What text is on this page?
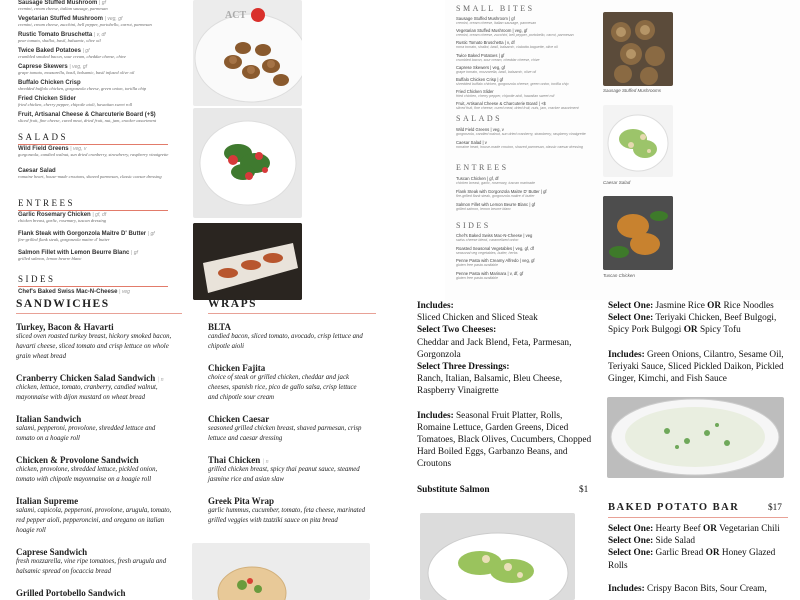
Sausage Stuffed Mushroom | gf
cremini, cream cheese, italian sausage, parmesan
Vegetarian Stuffed Mushroom | veg, gf
cremini, cream cheese, zucchini, bell pepper, portobello, carrot, parmesan
Rustic Tomato Bruschetta | v, df
pear tomato, shallot, basil, balsamic, olive oil
Twice Baked Potatoes | gf
crumbled smoked bacon, sour cream, cheddar cheese, chive
Caprese Skewers | veg, gf
grape tomato, mozzarella, basil, balsamic, basil infused olive oil
Buffalo Chicken Crisp
shredded buffalo chicken, gorgonzola cheese, green onion, tortilla chip
Fried Chicken Slider
fried chicken, cherry pepper, chipotle aioli, hawaiian sweet roll
Fruit, Artisanal Cheese & Charcuterie Board (+$)
sliced fruit, fine cheese, cured meat, dried fruit, nut, jam, cracker assortment
SALADS
Wild Field Greens | veg, v
gorgonzola, candied walnut, sun dried cranberry, strawberry, raspberry vinaigrette
Caesar Salad
romaine heart, house-made croutons, shaved parmesan, classic caesar dressing
ENTREES
Garlic Rosemary Chicken | gf, df
chicken breast, garlic, rosemary, tuscan dressing
Flank Steak with Gorgonzola Maitre D' Butter | gf
fire-grilled flank steak, gorgonzola maitre d' butter
Salmon Fillet with Lemon Beurre Blanc | gf
grilled salmon, lemon beurre blanc
SIDES
Chef's Baked Swiss Mac-N-Cheese | veg
ACT
SMALL BITES
Sausage Stuffed Mushroom | gf
cremini, cream cheese, italian sausage, parmesan
Vegetarian Stuffed Mushroom | veg, gf
cremini, cream cheese, zucchini, bell pepper, portobello, carrot, parmesan
Rustic Tomato Bruschetta | v, df
roma tomato, shallot, basil, balsamic, ciabatta baguette, olive oil
Twice Baked Potatoes | gf
crumbled bacon, sour cream, cheddar cheese, chive
Caprese Skewers | veg, gf
grape tomato, mozzarella, basil, balsamic, olive oil
Buffalo Chicken Crisp | gf
shredded buffalo chicken, gorgonzola cheese, green onion, tortilla chip
Fried Chicken Slider
fried chicken, cherry pepper, chipotle aioli, hawaiian sweet roll
Fruit, Artisanal Cheese & Charcuterie Board | +$
sliced fruit, fine cheese, cured meat, dried fruit, nuts, jam, cracker assortment
SALADS
Wild Field Greens | veg, v
gorgonzola, candied walnut, sun dried cranberry, strawberry, raspberry vinaigrette
Caesar Salad | v
romaine heart, house-made crouton, shaved parmesan, classic caesar dressing
ENTREES
Tuscan Chicken | gf, df
chicken breast, garlic, rosemary, tuscan marinade
Flank Steak with Gorgonzola Maitre D' Butter | gf
fire-grilled flank steak, gorgonzola maitre d' butter
Salmon Fillet with Lemon Beurre Blanc | gf
grilled salmon, lemon beurre blanc
SIDES
Chef's Baked Swiss Mac-N-Cheese | veg
swiss cheese blend, caramelized onion
Roasted Seasonal Vegetables | veg, gf, df
seasonal veg vegetables, butter, herbs
Penne Pasta with Creamy Alfredo | veg, gf
gluten free pasta available
Penne Pasta with Marinara | v, df, gf
gluten free pasta available
Sausage Stuffed Mushrooms
Caesar Salad
Tuscan Chicken
SANDWICHES
Turkey, Bacon & Havarti
sliced oven roasted turkey breast, hickory smoked bacon, havarti cheese, sliced tomato and crisp lettuce on whole grain wheat bread
Cranberry Chicken Salad Sandwich | n
chicken, lettuce, tomato, cranberry, candied walnut, mayonnaise with dijon mustard on wheat bread
Italian Sandwich
salami, pepperoni, provolone, shredded lettuce and tomato on a hoagie roll
Chicken & Provolone Sandwich
chicken, provolone, shredded lettuce, pickled onion, tomato with chipotle mayonnaise on a hoagie roll
Italian Supreme
salami, capicola, pepperoni, provolone, arugula, tomato, red pepper aioli, pepperoncini, and oregano on italian hoagie roll
Caprese Sandwich
fresh mozzarella, vine ripe tomatoes, fresh arugula and balsamic spread on focaccia bread
Grilled Portobello Sandwich
WRAPS
BLTA
candied bacon, sliced tomato, avocado, crisp lettuce and chipotle aioli
Chicken Fajita
choice of steak or grilled chicken, cheddar and jack cheeses, spanish rice, pico de gallo salsa, crisp lettuce and chipotle sour cream
Chicken Caesar
seasoned grilled chicken breast, shaved parmesan, crisp lettuce and caesar dressing
Thai Chicken | n
grilled chicken breast, spicy thai peanut sauce, steamed jasmine rice and asian slaw
Greek Pita Wrap
garlic hummus, cucumber, tomato, feta cheese, marinated grilled veggies with tzatziki sauce on pita bread
Includes:
Sliced Chicken and Sliced Steak
Select Two Cheeses:
Cheddar and Jack Blend, Feta, Parmesan, Gorgonzola
Select Three Dressings:
Ranch, Italian, Balsamic, Bleu Cheese, Raspberry Vinaigrette
Includes: Seasonal Fruit Platter, Rolls, Romaine Lettuce, Garden Greens, Diced Tomatoes, Black Olives, Cucumbers, Chopped Hard Boiled Eggs, Garbanzo Beans, and Croutons
Substitute Salmon	$1
Select One: Jasmine Rice OR Rice Noodles
Select One: Teriyaki Chicken, Beef Bulgogi, Spicy Pork Bulgogi OR Spicy Tofu
Includes: Green Onions, Cilantro, Sesame Oil, Teriyaki Sauce, Sliced Pickled Daikon, Pickled Ginger, Kimchi, and Fish Sauce
BAKED POTATO BAR	$17
Select One: Hearty Beef OR Vegetarian Chili
Select One: Side Salad
Select One: Garlic Bread OR Honey Glazed Rolls
Includes: Crispy Bacon Bits, Sour Cream,
